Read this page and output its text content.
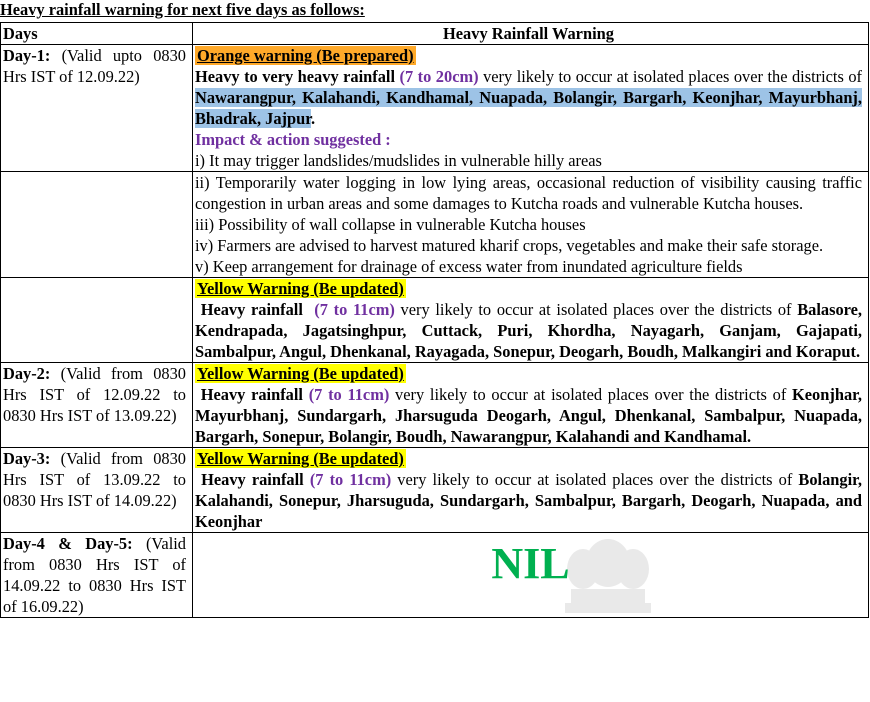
Heavy rainfall warning for next five days as follows:
Days	Heavy Rainfall Warning
Day-1: (Valid upto 0830 Hrs IST of 12.09.22)	Orange warning (Be prepared)
Heavy to very heavy rainfall (7 to 20cm) very likely to occur at isolated places over the districts of Nawarangpur, Kalahandi, Kandhamal, Nuapada, Bolangir, Bargarh, Keonjhar, Mayurbhanj, Bhadrak, Jajpur.
Impact & action suggested :
i) It may trigger landslides/mudslides in vulnerable hilly areas

	ii) Temporarily water logging in low lying areas, occasional reduction of visibility causing traffic congestion in urban areas and some damages to Kutcha roads and vulnerable Kutcha houses.
iii) Possibility of wall collapse in vulnerable Kutcha houses
iv) Farmers are advised to harvest matured kharif crops, vegetables and make their safe storage.
v) Keep arrangement for drainage of excess water from inundated agriculture fields

	Yellow Warning (Be updated)
Heavy rainfall (7 to 11cm) very likely to occur at isolated places over the districts of Balasore, Kendrapada, Jagatsinghpur, Cuttack, Puri, Khordha, Nayagarh, Ganjam, Gajapati, Sambalpur, Angul, Dhenkanal, Rayagada, Sonepur, Deogarh, Boudh, Malkangiri and Koraput.
Day-2: (Valid from 0830 Hrs IST of 12.09.22 to 0830 Hrs IST of 13.09.22)	Yellow Warning (Be updated)
Heavy rainfall (7 to 11cm) very likely to occur at isolated places over the districts of Keonjhar, Mayurbhanj, Sundargarh, Jharsuguda Deogarh, Angul, Dhenkanal, Sambalpur, Nuapada, Bargarh, Sonepur, Bolangir, Boudh, Nawarangpur, Kalahandi and Kandhamal.
Day-3: (Valid from 0830 Hrs IST of 13.09.22 to 0830 Hrs IST of 14.09.22)	Yellow Warning (Be updated)
Heavy rainfall (7 to 11cm) very likely to occur at isolated places over the districts of Bolangir, Kalahandi, Sonepur, Jharsuguda, Sundargarh, Sambalpur, Bargarh, Deogarh, Nuapada, and Keonjhar
Day-4 & Day-5: (Valid from 0830 Hrs IST of 14.09.22 to 0830 Hrs IST of 16.09.22)	NIL
